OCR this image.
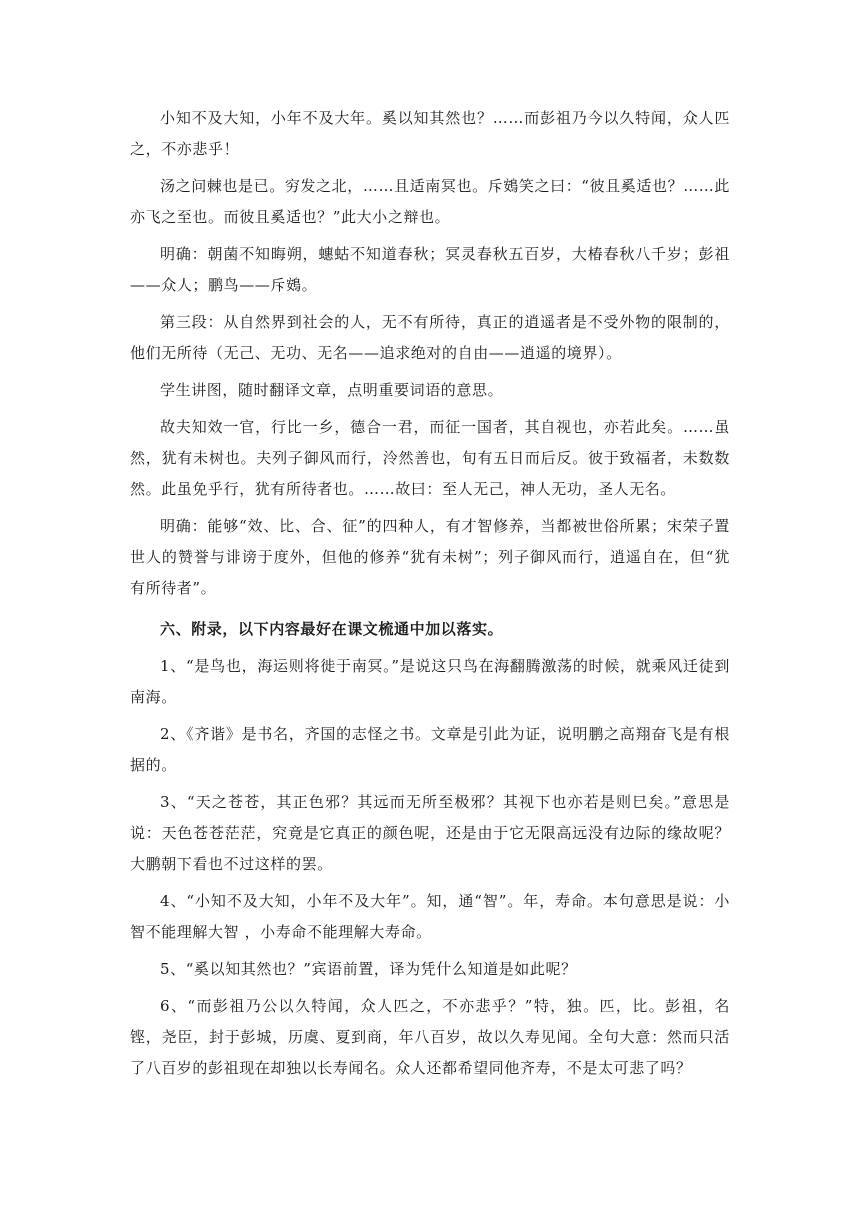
小知不及大知，小年不及大年。奚以知其然也？……而彭祖乃今以久特闻，众人匹之，不亦悲乎！

汤之问棘也是已。穷发之北，……且适南冥也。斥鴳笑之曰：“彼且奚适也？……此亦飞之至也。而彼且奚适也？”此大小之辩也。

明确：朝菌不知晦朔，蟪蛄不知道春秋；冥灵春秋五百岁，大椿春秋八千岁；彭祖——众人；鹏鸟——斥鴳。

第三段：从自然界到社会的人，无不有所待，真正的逍遥者是不受外物的限制的，他们无所待（无己、无功、无名——追求绝对的自由——逍遥的境界）。

学生讲图，随时翻译文章，点明重要词语的意思。

故夫知效一官，行比一乡，德合一君，而征一国者，其自视也，亦若此矣。……虽然，犹有未树也。夫列子御风而行，泠然善也，旬有五日而后反。彼于致福者，未数数然。此虽免乎行，犹有所待者也。……故曰：至人无己，神人无功，圣人无名。

明确：能够“效、比、合、征”的四种人，有才智修养，当都被世俗所累；宋荣子置世人的赞誉与诽谤于度外，但他的修养“犹有未树”；列子御风而行，逍遥自在，但“犹有所待者”。

六、附录，以下内容最好在课文梳通中加以落实。

1、“是鸟也，海运则将徙于南冥。”是说这只鸟在海翻腾激荡的时候，就乘风迁徒到南海。

2、《齐谐》是书名，齐国的志怪之书。文章是引此为证，说明鹏之高翔奋飞是有根据的。

3、“天之苍苍，其正色邪？其远而无所至极邪？其视下也亦若是则巳矣。”意思是说：天色苍苍茫茫，究竟是它真正的颜色呢，还是由于它无限高远没有边际的缘故呢？大鹏朝下看也不过这样的罢。

4、“小知不及大知，小年不及大年”。知，通“智”。年，寿命。本句意思是说：小智不能理解大智 ，小寿命不能理解大寿命。

5、“奚以知其然也？”宾语前置，译为凭什么知道是如此呢？

6、“而彭祖乃公以久特闻，众人匹之，不亦悲乎？”特，独。匹，比。彭祖，名铿，尧臣，封于彭城，历虞、夏到商，年八百岁，故以久寿见闻。全句大意：然而只活了八百岁的彭祖现在却独以长寿闻名。众人还都希望同他齐寿，不是太可悲了吗？
